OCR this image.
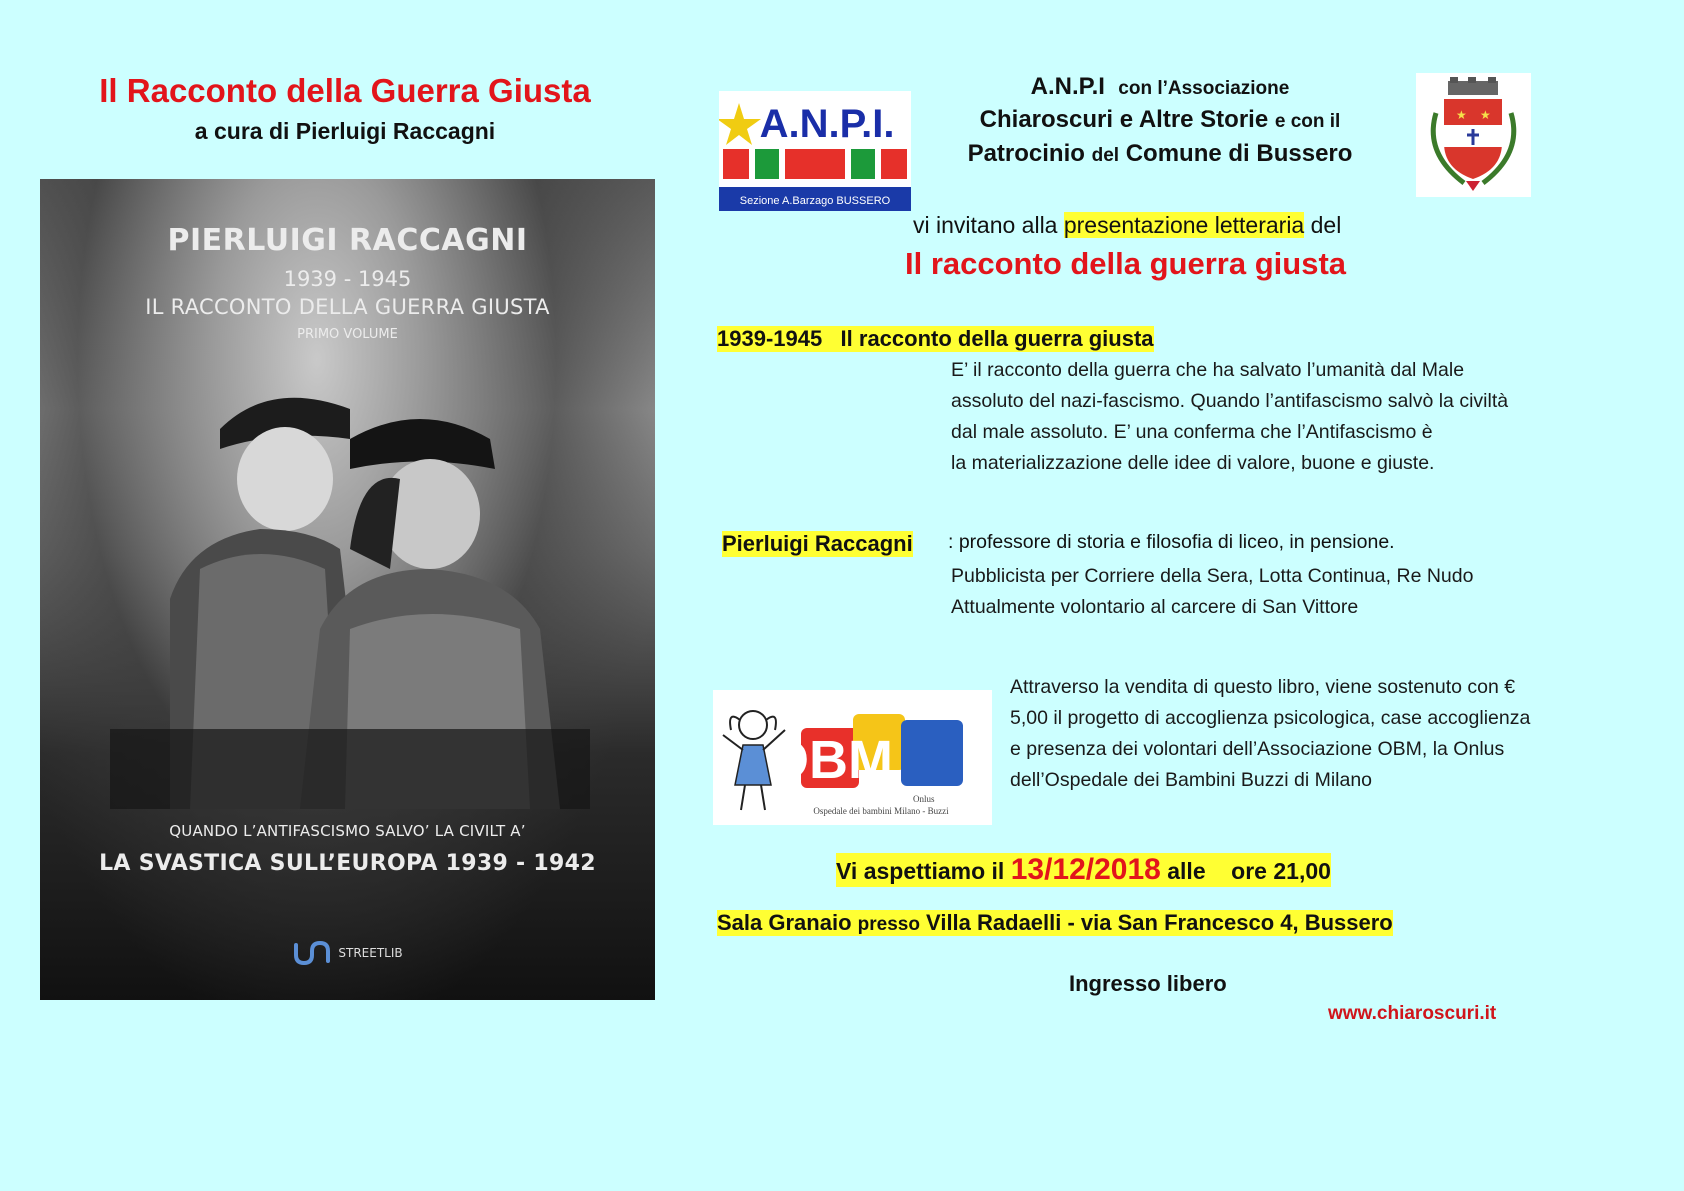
Il Racconto della Guerra Giusta
a cura di Pierluigi Raccagni
PIERLUIGI RACCAGNI
1939 - 1945
IL RACCONTO DELLA GUERRA GIUSTA
PRIMO VOLUME
QUANDO L’ANTIFASCISMO SALVO’ LA CIVILT A’
LA SVASTICA SULL’EUROPA 1939 - 1942
STREETLIB
A.N.P.I.
Sezione A.Barzago BUSSERO
★ ★
A.N.P.I con l’Associazione
Chiaroscuri e Altre Storie e con il
Patrocinio del Comune di Bussero
vi invitano alla presentazione letteraria del
Il racconto della guerra giusta
1939-1945   Il racconto della guerra giusta
E’ il racconto della guerra che ha salvato l’umanità dal Male
assoluto del nazi-fascismo. Quando l’antifascismo salvò la civiltà
dal male assoluto. E’ una conferma che l’Antifascismo è
la materializzazione delle idee di valore, buone e giuste.
Pierluigi Raccagni : professore di storia e filosofia di liceo, in pensione.
Pubblicista per Corriere della Sera, Lotta Continua, Re Nudo
Attualmente volontario al carcere di San Vittore
OBM
Onlus
Ospedale dei bambini Milano - Buzzi
Attraverso la vendita di questo libro, viene sostenuto con €
5,00 il progetto di accoglienza psicologica, case accoglienza
e presenza dei volontari dell’Associazione OBM, la Onlus
dell’Ospedale dei Bambini Buzzi di Milano
Vi aspettiamo il 13/12/2018 alle    ore 21,00
Sala Granaio presso Villa Radaelli - via San Francesco 4, Bussero
Ingresso libero
www.chiaroscuri.it
